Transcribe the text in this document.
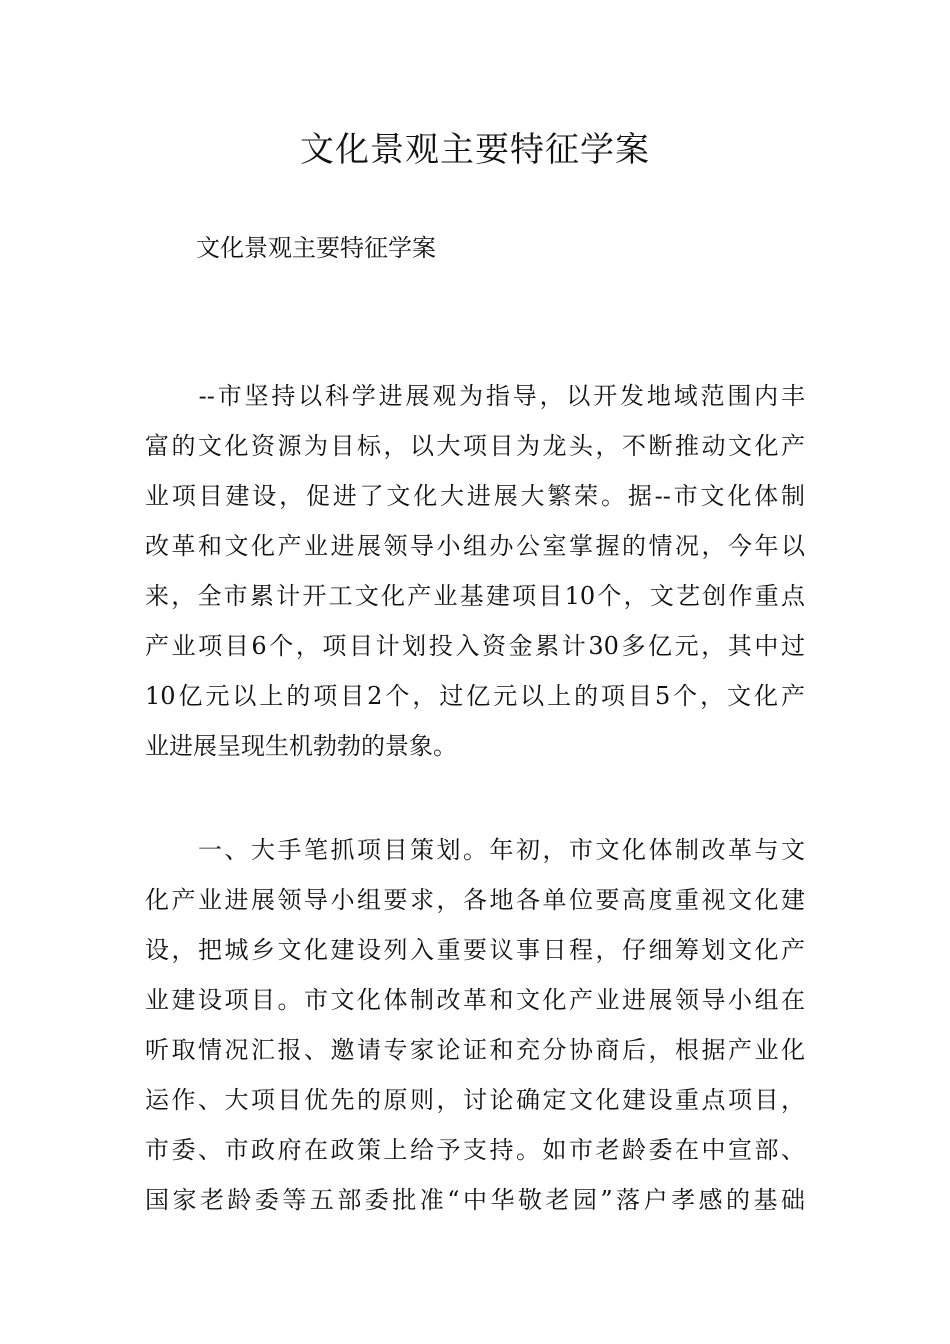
文化景观主要特征学案
文化景观主要特征学案
　　--市坚持以科学进展观为指导，以开发地域范围内丰
富的文化资源为目标，以大项目为龙头，不断推动文化产
业项目建设，促进了文化大进展大繁荣。据--市文化体制
改革和文化产业进展领导小组办公室掌握的情况，今年以
来，全市累计开工文化产业基建项目10个，文艺创作重点
产业项目6个，项目计划投入资金累计30多亿元，其中过
10亿元以上的项目2个，过亿元以上的项目5个，文化产
业进展呈现生机勃勃的景象。
　　一、大手笔抓项目策划。年初，市文化体制改革与文
化产业进展领导小组要求，各地各单位要高度重视文化建
设，把城乡文化建设列入重要议事日程，仔细筹划文化产
业建设项目。市文化体制改革和文化产业进展领导小组在
听取情况汇报、邀请专家论证和充分协商后，根据产业化
运作、大项目优先的原则，讨论确定文化建设重点项目，
市委、市政府在政策上给予支持。如市老龄委在中宣部、
国家老龄委等五部委批准“中华敬老园”落户孝感的基础
